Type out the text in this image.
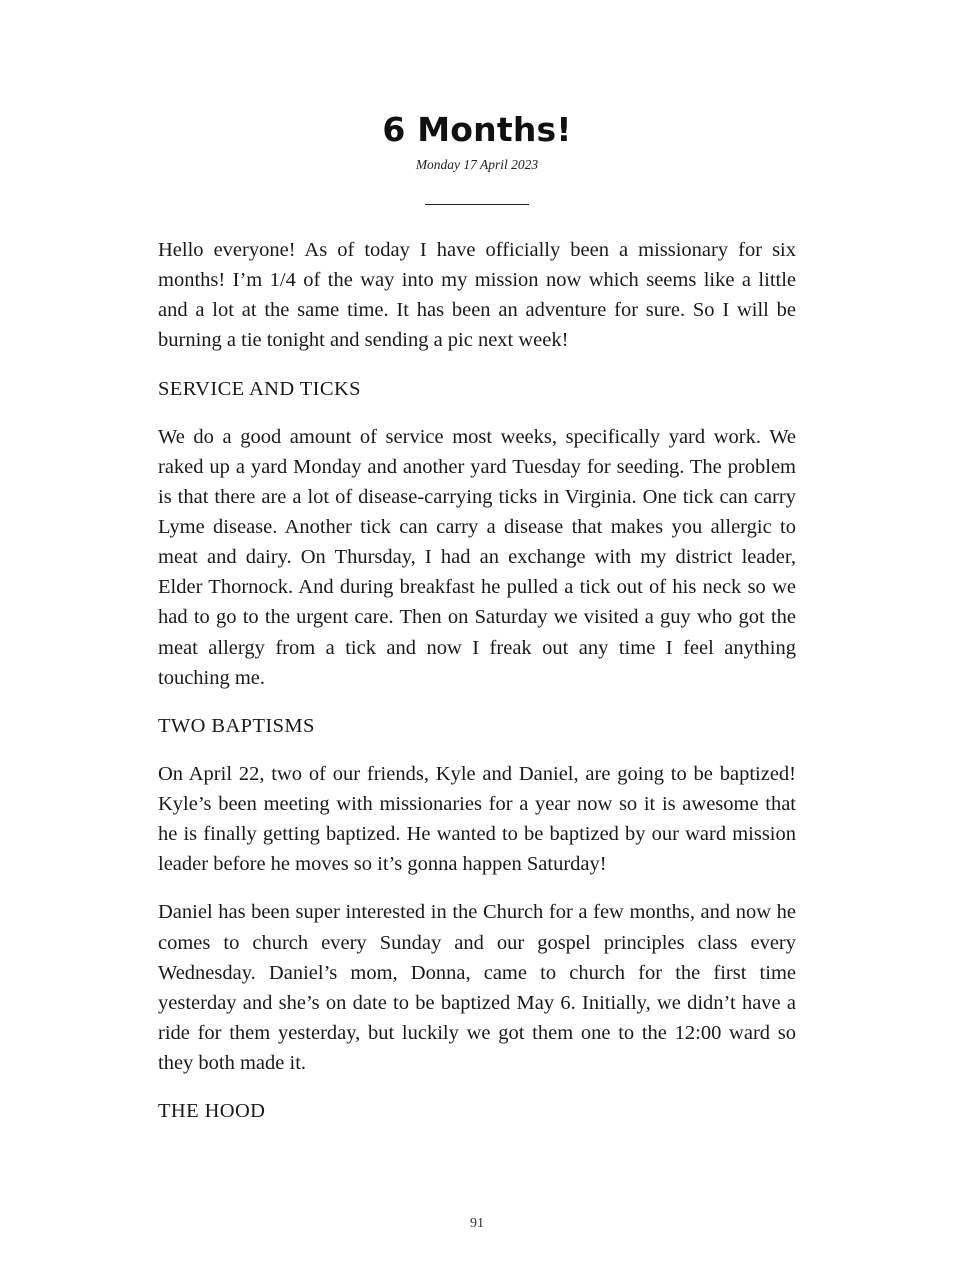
6 Months!
Monday 17 April 2023

Hello everyone! As of today I have officially been a missionary for six months! I’m 1/4 of the way into my mission now which seems like a little and a lot at the same time. It has been an adventure for sure. So I will be burning a tie tonight and sending a pic next week!

SERVICE AND TICKS

We do a good amount of service most weeks, specifically yard work. We raked up a yard Monday and another yard Tuesday for seeding. The problem is that there are a lot of disease-carrying ticks in Virginia. One tick can carry Lyme disease. Another tick can carry a disease that makes you allergic to meat and dairy. On Thursday, I had an exchange with my district leader, Elder Thornock. And during breakfast he pulled a tick out of his neck so we had to go to the urgent care. Then on Saturday we visited a guy who got the meat allergy from a tick and now I freak out any time I feel anything touching me.

TWO BAPTISMS

On April 22, two of our friends, Kyle and Daniel, are going to be baptized! Kyle’s been meeting with missionaries for a year now so it is awesome that he is finally getting baptized. He wanted to be baptized by our ward mission leader before he moves so it’s gonna happen Saturday!

Daniel has been super interested in the Church for a few months, and now he comes to church every Sunday and our gospel principles class every Wednesday. Daniel’s mom, Donna, came to church for the first time yesterday and she’s on date to be baptized May 6. Initially, we didn’t have a ride for them yesterday, but luckily we got them one to the 12:00 ward so they both made it.

THE HOOD
91
